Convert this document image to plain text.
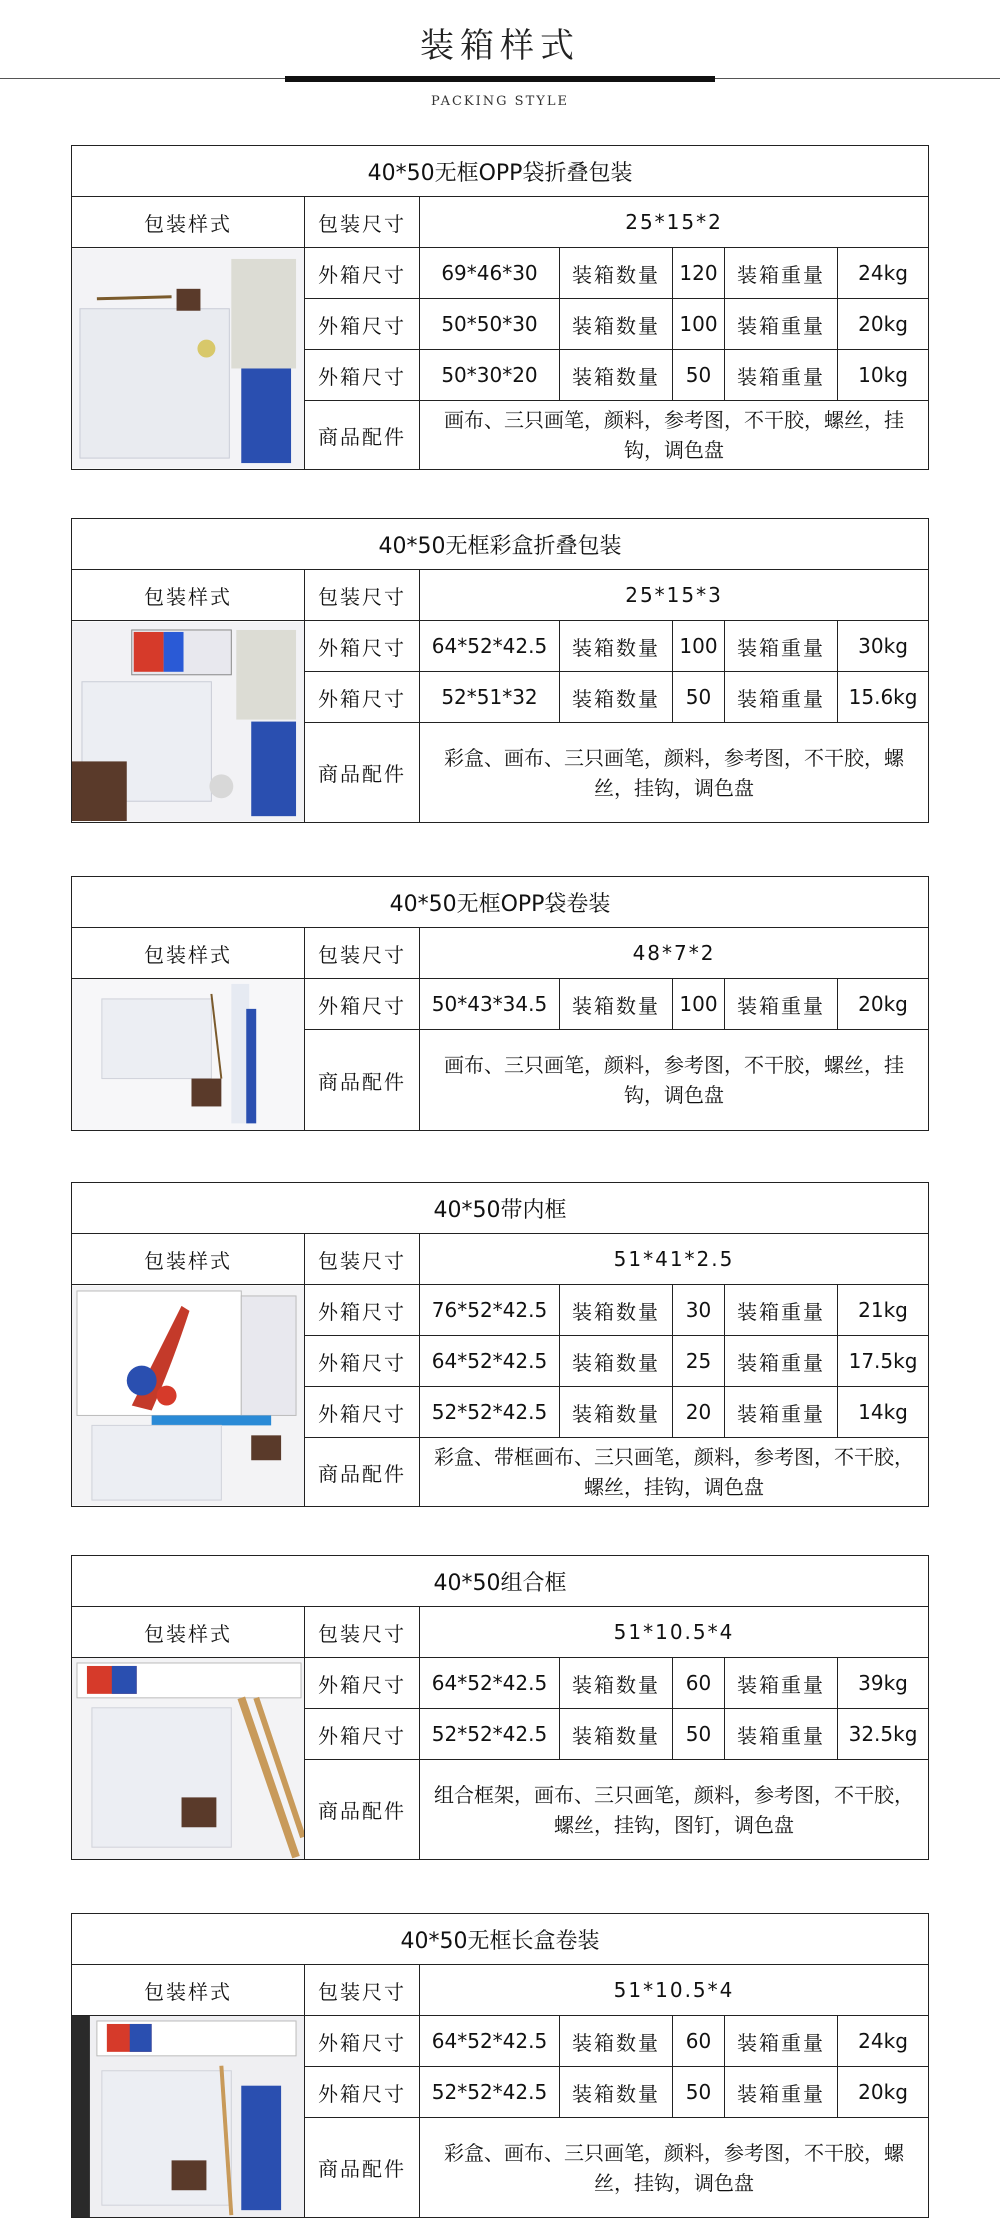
装箱样式
PACKING STYLE
40*50无框OPP袋折叠包装						
包装样式	包装尺寸	25*15*2				

	外箱尺寸	69*46*30	装箱数量	120	装箱重量	24kg
	外箱尺寸	50*50*30	装箱数量	100	装箱重量	20kg
	外箱尺寸	50*30*20	装箱数量	50	装箱重量	10kg
	商品配件	画布、三只画笔，颜料，参考图，不干胶，螺丝，挂钩，调色盘				
40*50无框彩盒折叠包装						
包装样式	包装尺寸	25*15*3				

	外箱尺寸	64*52*42.5	装箱数量	100	装箱重量	30kg
	外箱尺寸	52*51*32	装箱数量	50	装箱重量	15.6kg
	商品配件	彩盒、画布、三只画笔，颜料，参考图，不干胶，螺丝，挂钩，调色盘				
40*50无框OPP袋卷装						
包装样式	包装尺寸	48*7*2				

	外箱尺寸	50*43*34.5	装箱数量	100	装箱重量	20kg
	商品配件	画布、三只画笔，颜料，参考图，不干胶，螺丝，挂钩，调色盘				
40*50带内框						
包装样式	包装尺寸	51*41*2.5				

	外箱尺寸	76*52*42.5	装箱数量	30	装箱重量	21kg
	外箱尺寸	64*52*42.5	装箱数量	25	装箱重量	17.5kg
	外箱尺寸	52*52*42.5	装箱数量	20	装箱重量	14kg
	商品配件	彩盒、带框画布、三只画笔，颜料，参考图，不干胶，螺丝，挂钩，调色盘				
40*50组合框						
包装样式	包装尺寸	51*10.5*4				

	外箱尺寸	64*52*42.5	装箱数量	60	装箱重量	39kg
	外箱尺寸	52*52*42.5	装箱数量	50	装箱重量	32.5kg
	商品配件	组合框架，画布、三只画笔，颜料，参考图，不干胶，螺丝，挂钩，图钉，调色盘				
40*50无框长盒卷装						
包装样式	包装尺寸	51*10.5*4				

	外箱尺寸	64*52*42.5	装箱数量	60	装箱重量	24kg
	外箱尺寸	52*52*42.5	装箱数量	50	装箱重量	20kg
	商品配件	彩盒、画布、三只画笔，颜料，参考图，不干胶，螺丝，挂钩，调色盘				
